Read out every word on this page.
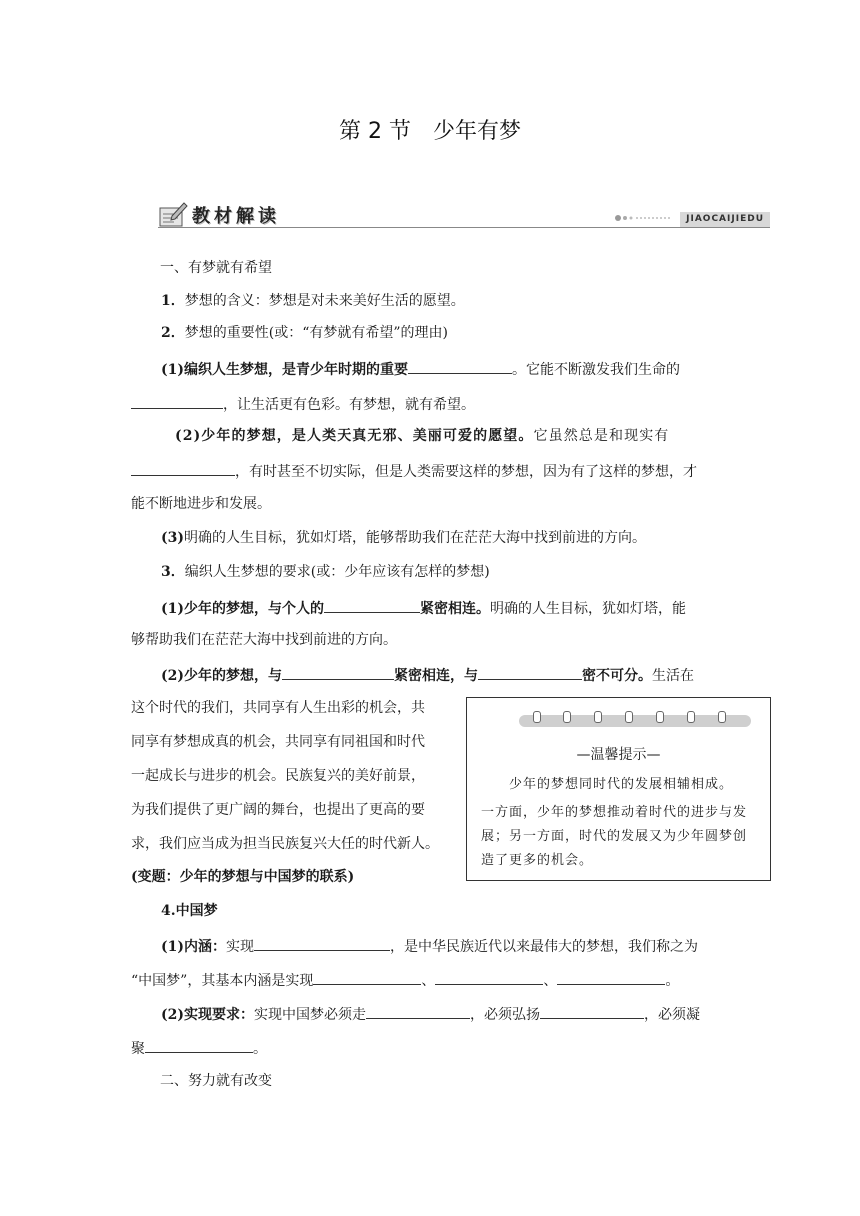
第 2 节　少年有梦
教材解读	JIAOCAIJIEDU
一、有梦就有希望
1．梦想的含义：梦想是对未来美好生活的愿望。
2．梦想的重要性(或：“有梦就有希望”的理由)
(1)编织人生梦想，是青少年时期的重要	。它能不断激发我们生命的
，让生活更有色彩。有梦想，就有希望。
(2)少年的梦想，是人类天真无邪、美丽可爱的愿望。它虽然总是和现实有
，有时甚至不切实际，但是人类需要这样的梦想，因为有了这样的梦想，才
能不断地进步和发展。
(3)明确的人生目标，犹如灯塔，能够帮助我们在茫茫大海中找到前进的方向。
3．编织人生梦想的要求(或：少年应该有怎样的梦想)
(1)少年的梦想，与个人的	紧密相连。明确的人生目标，犹如灯塔，能
够帮助我们在茫茫大海中找到前进的方向。
(2)少年的梦想，与	紧密相连，与	密不可分。生活在
这个时代的我们，共同享有人生出彩的机会，共
同享有梦想成真的机会，共同享有同祖国和时代
一起成长与进步的机会。民族复兴的美好前景，
为我们提供了更广阔的舞台，也提出了更高的要
求，我们应当成为担当民族复兴大任的时代新人。
(变题：少年的梦想与中国梦的联系)
—温馨提示—
少年的梦想同时代的发展相辅相成。
一方面，少年的梦想推动着时代的进步与发
展；另一方面，时代的发展又为少年圆梦创
造了更多的机会。
4.中国梦
(1)内涵：实现	，是中华民族近代以来最伟大的梦想，我们称之为
“中国梦”，其基本内涵是实现	、	、	。
(2)实现要求：实现中国梦必须走	，必须弘扬	，必须凝
聚	。
二、努力就有改变
